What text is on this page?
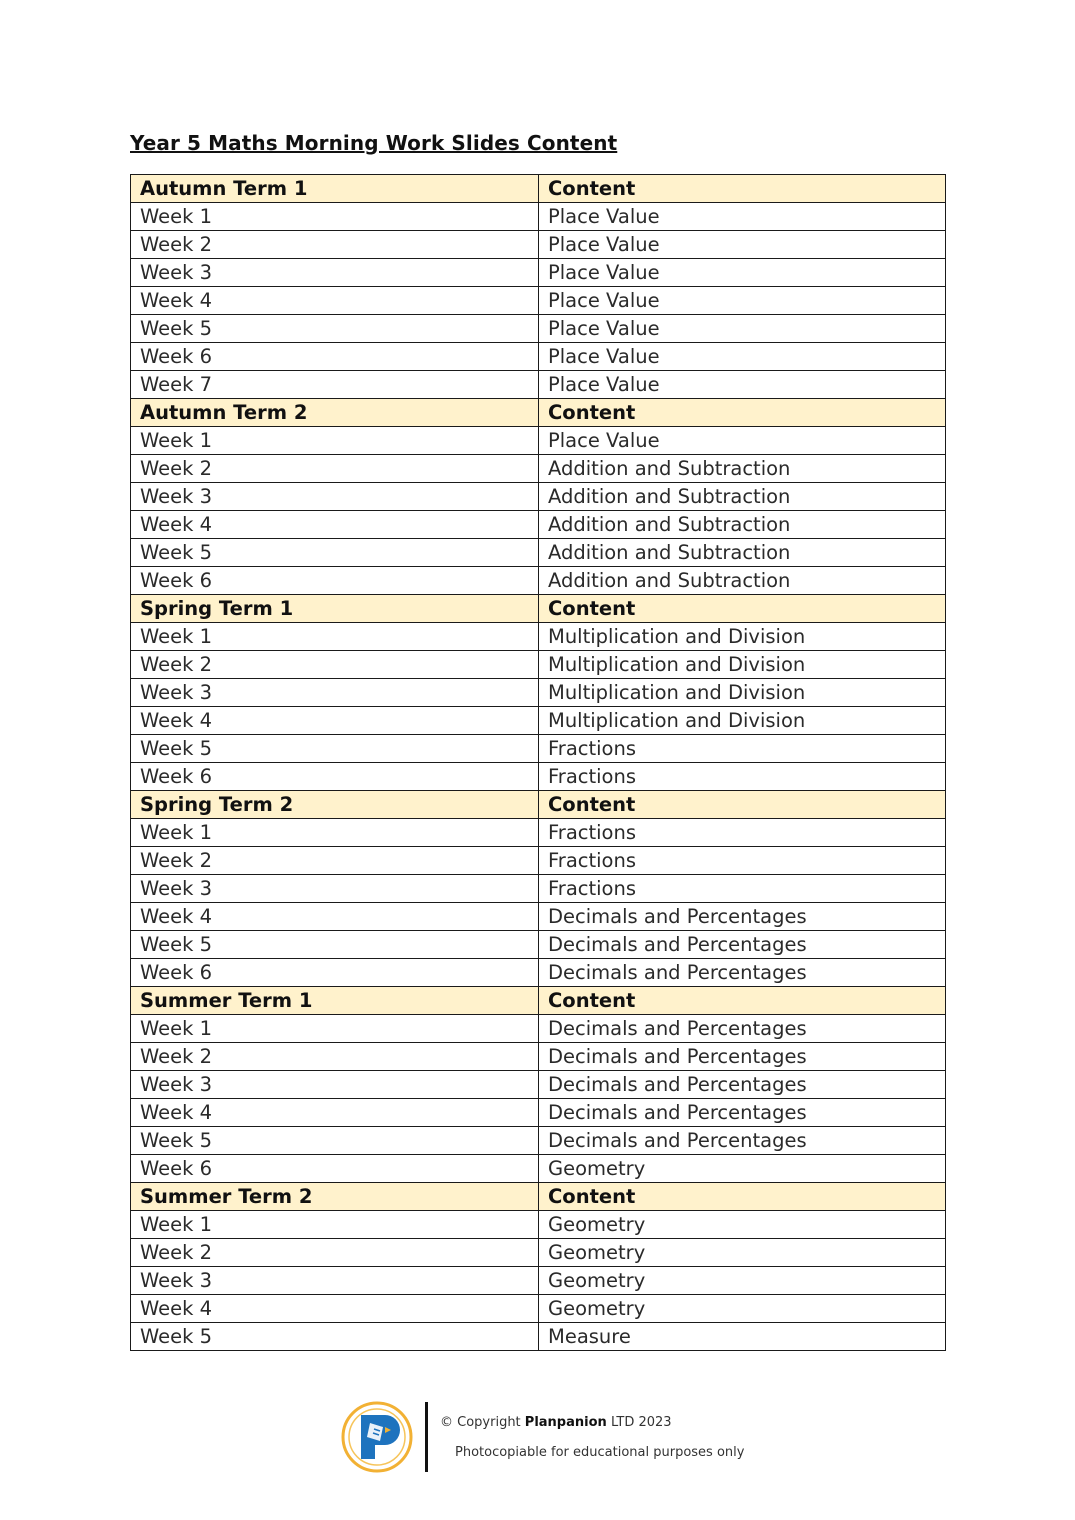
Year 5 Maths Morning Work Slides Content
Autumn Term 1	Content
Week 1	Place Value
Week 2	Place Value
Week 3	Place Value
Week 4	Place Value
Week 5	Place Value
Week 6	Place Value
Week 7	Place Value
Autumn Term 2	Content
Week 1	Place Value
Week 2	Addition and Subtraction
Week 3	Addition and Subtraction
Week 4	Addition and Subtraction
Week 5	Addition and Subtraction
Week 6	Addition and Subtraction
Spring Term 1	Content
Week 1	Multiplication and Division
Week 2	Multiplication and Division
Week 3	Multiplication and Division
Week 4	Multiplication and Division
Week 5	Fractions
Week 6	Fractions
Spring Term 2	Content
Week 1	Fractions
Week 2	Fractions
Week 3	Fractions
Week 4	Decimals and Percentages
Week 5	Decimals and Percentages
Week 6	Decimals and Percentages
Summer Term 1	Content
Week 1	Decimals and Percentages
Week 2	Decimals and Percentages
Week 3	Decimals and Percentages
Week 4	Decimals and Percentages
Week 5	Decimals and Percentages
Week 6	Geometry
Summer Term 2	Content
Week 1	Geometry
Week 2	Geometry
Week 3	Geometry
Week 4	Geometry
Week 5	Measure
© Copyright Planpanion LTD 2023
Photocopiable for educational purposes only
